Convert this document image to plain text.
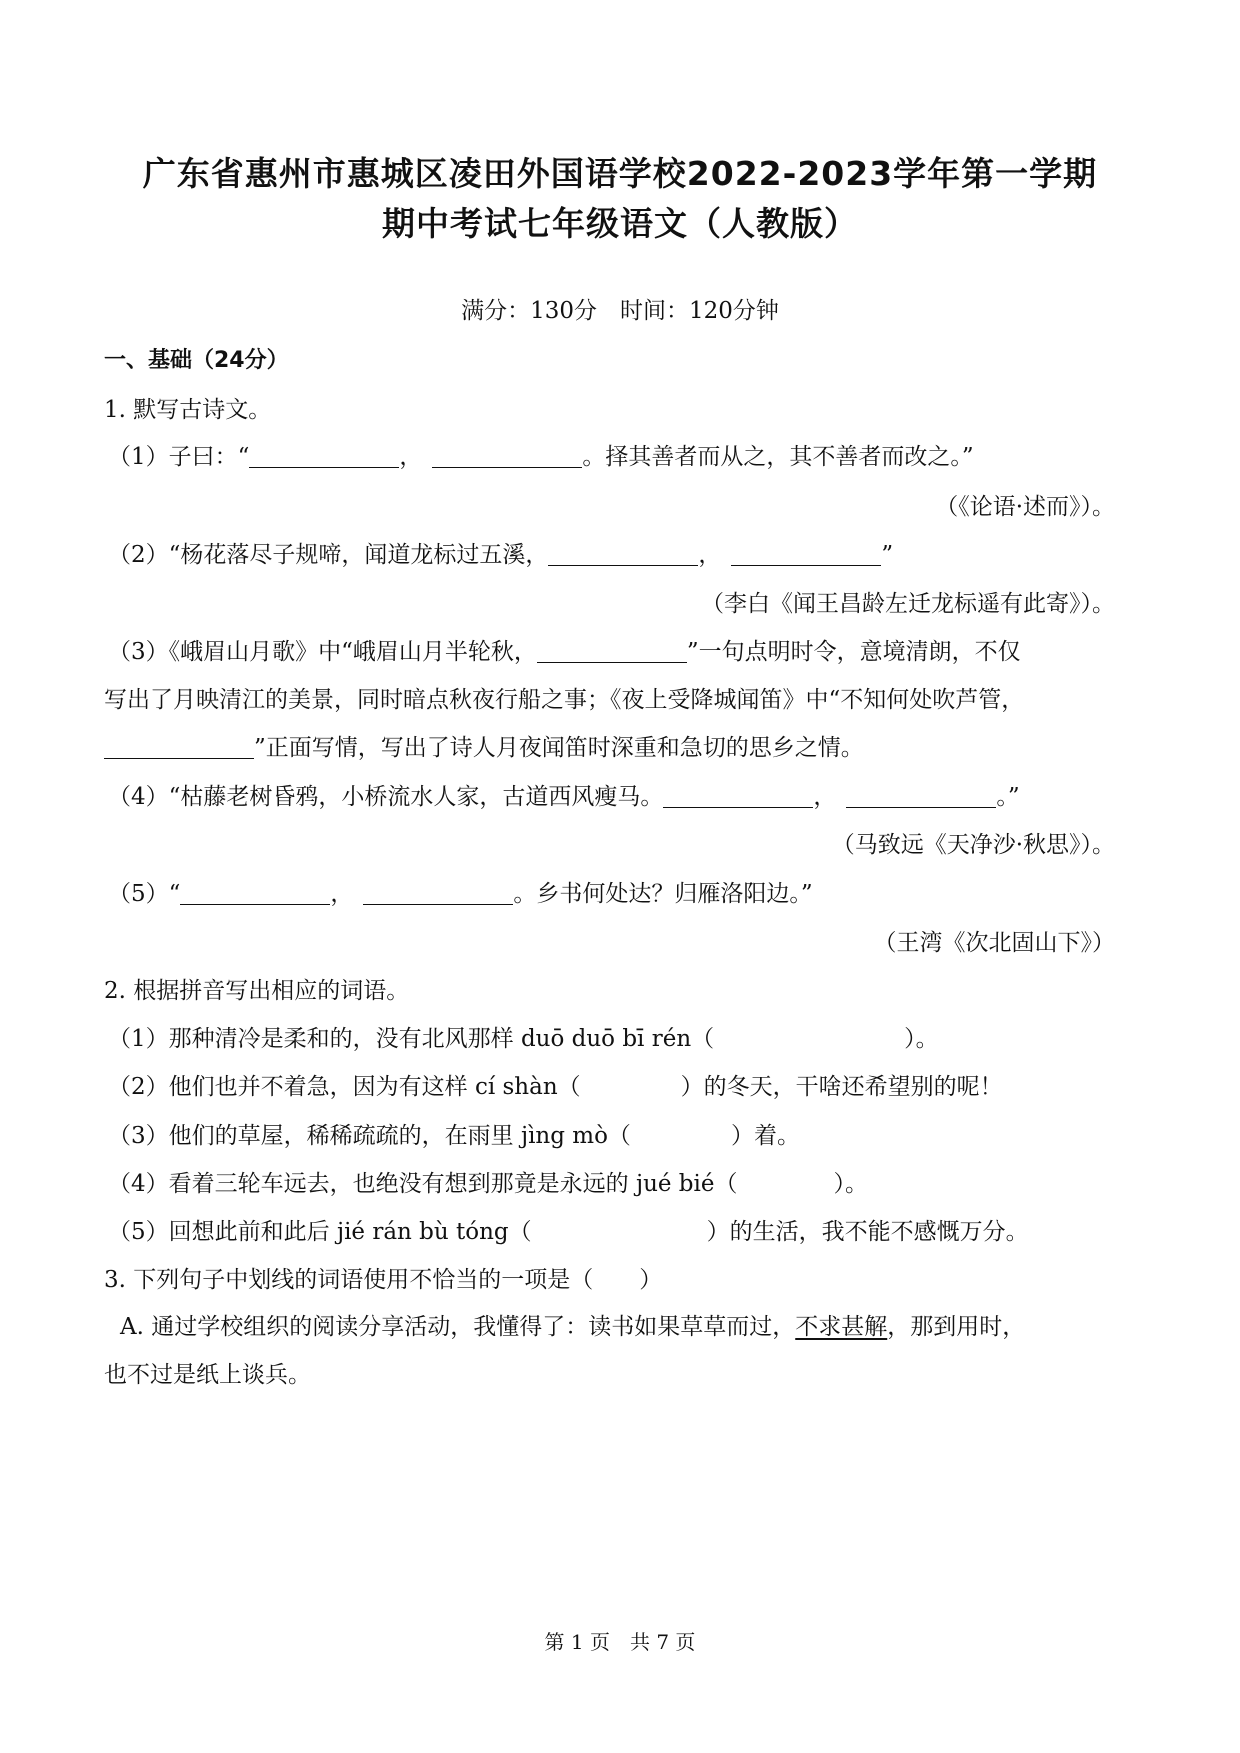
广东省惠州市惠城区凌田外国语学校2022-2023学年第一学期
期中考试七年级语文（人教版）
满分：130分　时间：120分钟
一、基础（24分）
1. 默写古诗文。
（1）子曰：“	，	。择其善者而从之，其不善者而改之。”
（《论语·述而》）。
（2）“杨花落尽子规啼，闻道龙标过五溪，	，	”
（李白《闻王昌龄左迁龙标遥有此寄》）。
（3）《峨眉山月歌》中“峨眉山月半轮秋，	”一句点明时令，意境清朗，不仅
写出了月映清江的美景，同时暗点秋夜行船之事；《夜上受降城闻笛》中“不知何处吹芦管，
”正面写情，写出了诗人月夜闻笛时深重和急切的思乡之情。
（4）“枯藤老树昏鸦，小桥流水人家，古道西风瘦马。	，	。”
（马致远《天净沙·秋思》）。
（5）“	，	。乡书何处达？归雁洛阳边。”
（王湾《次北固山下》）
2. 根据拼音写出相应的词语。
（1）那种清冷是柔和的，没有北风那样 duō duō bī rén（	）。
（2）他们也并不着急，因为有这样 cí shàn（	）的冬天，干啥还希望别的呢！
（3）他们的草屋，稀稀疏疏的，在雨里 jìng mò（	）着。
（4）看着三轮车远去，也绝没有想到那竟是永远的 jué bié（	）。
（5）回想此前和此后 jié rán bù tóng（	）的生活，我不能不感慨万分。
3. 下列句子中划线的词语使用不恰当的一项是（　　）
A. 通过学校组织的阅读分享活动，我懂得了：读书如果草草而过，不求甚解，那到用时，
也不过是纸上谈兵。
第 1 页　共 7 页
